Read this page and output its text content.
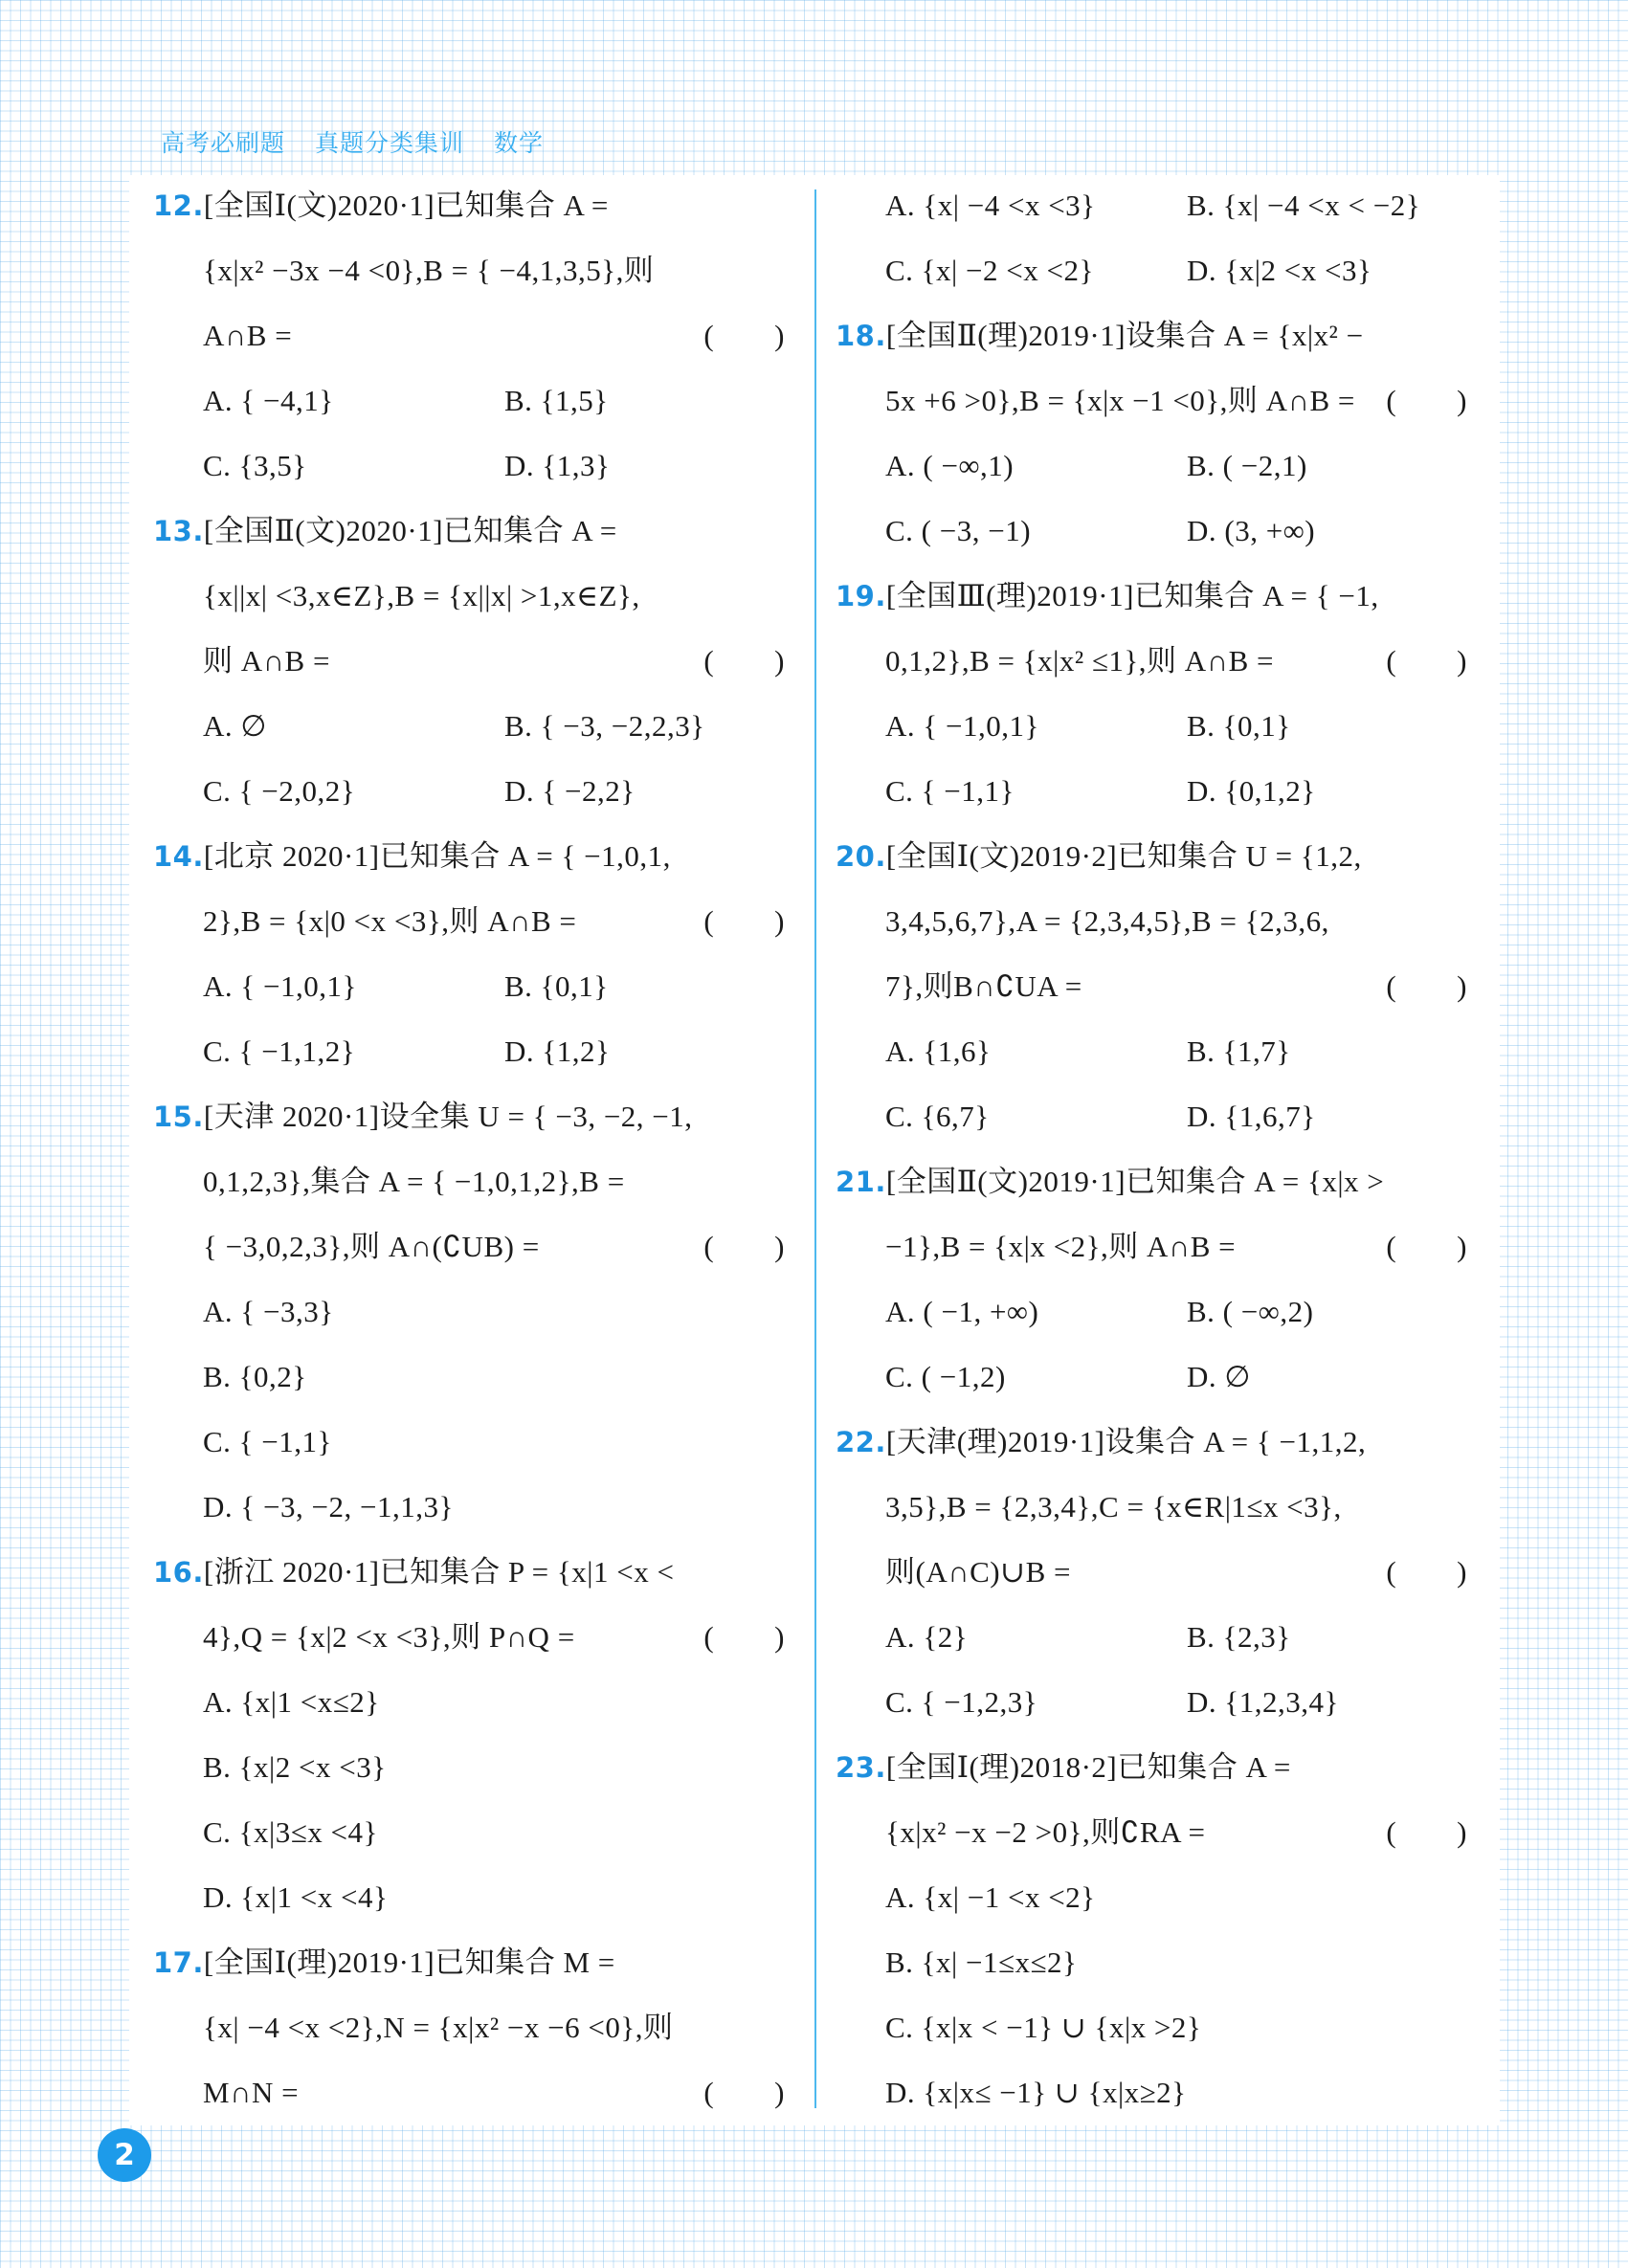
高考必刷题 真题分类集训 数学
12.[全国Ⅰ(文)2020·1]已知集合 A =
{x|x² −3x −4 <0},B = { −4,1,3,5},则
A∩B =	(　　)
A. { −4,1}	B. {1,5}
C. {3,5}	D. {1,3}
13.[全国Ⅱ(文)2020·1]已知集合 A =
{x||x| <3,x∈Z},B = {x||x| >1,x∈Z},
则 A∩B =	(　　)
A. ∅	B. { −3, −2,2,3}
C. { −2,0,2}	D. { −2,2}
14.[北京 2020·1]已知集合 A = { −1,0,1,
2},B = {x|0 <x <3},则 A∩B =	(　　)
A. { −1,0,1}	B. {0,1}
C. { −1,1,2}	D. {1,2}
15.[天津 2020·1]设全集 U = { −3, −2, −1,
0,1,2,3},集合 A = { −1,0,1,2},B =
{ −3,0,2,3},则 A∩(∁UB) =	(　　)
A. { −3,3}
B. {0,2}
C. { −1,1}
D. { −3, −2, −1,1,3}
16.[浙江 2020·1]已知集合 P = {x|1 <x <
4},Q = {x|2 <x <3},则 P∩Q =	(　　)
A. {x|1 <x≤2}
B. {x|2 <x <3}
C. {x|3≤x <4}
D. {x|1 <x <4}
17.[全国Ⅰ(理)2019·1]已知集合 M =
{x| −4 <x <2},N = {x|x² −x −6 <0},则
M∩N =	(　　)
A. {x| −4 <x <3}	B. {x| −4 <x < −2}
C. {x| −2 <x <2}	D. {x|2 <x <3}
18.[全国Ⅱ(理)2019·1]设集合 A = {x|x² −
5x +6 >0},B = {x|x −1 <0},则 A∩B = (　　)
A. ( −∞,1)	B. ( −2,1)
C. ( −3, −1)	D. (3, +∞)
19.[全国Ⅲ(理)2019·1]已知集合 A = { −1,
0,1,2},B = {x|x² ≤1},则 A∩B =	(　　)
A. { −1,0,1}	B. {0,1}
C. { −1,1}	D. {0,1,2}
20.[全国Ⅰ(文)2019·2]已知集合 U = {1,2,
3,4,5,6,7},A = {2,3,4,5},B = {2,3,6,
7},则B∩∁UA =	(　　)
A. {1,6}	B. {1,7}
C. {6,7}	D. {1,6,7}
21.[全国Ⅱ(文)2019·1]已知集合 A = {x|x >
−1},B = {x|x <2},则 A∩B =	(　　)
A. ( −1, +∞)	B. ( −∞,2)
C. ( −1,2)	D. ∅
22.[天津(理)2019·1]设集合 A = { −1,1,2,
3,5},B = {2,3,4},C = {x∈R|1≤x <3},
则(A∩C)∪B =	(　　)
A. {2}	B. {2,3}
C. { −1,2,3}	D. {1,2,3,4}
23.[全国Ⅰ(理)2018·2]已知集合 A =
{x|x² −x −2 >0},则∁RA =	(　　)
A. {x| −1 <x <2}
B. {x| −1≤x≤2}
C. {x|x < −1} ∪ {x|x >2}
D. {x|x≤ −1} ∪ {x|x≥2}
2
